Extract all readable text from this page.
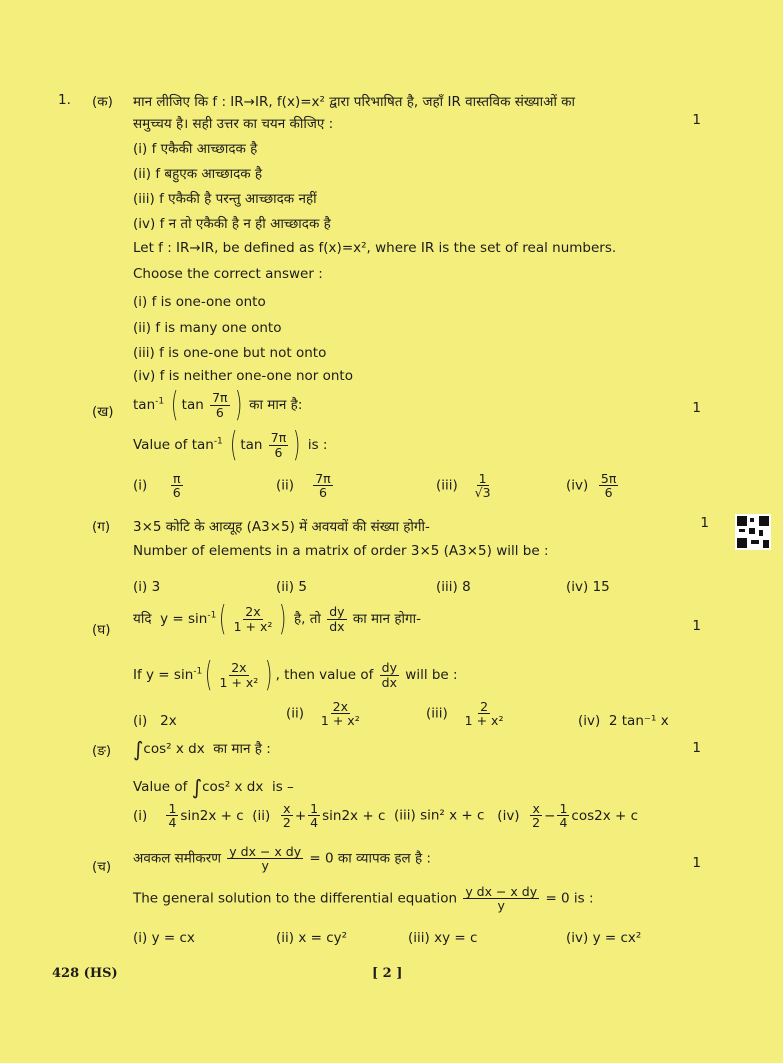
1. (क) मान लीजिए कि f : IR→IR, f(x)=x² द्वारा परिभाषित है, जहाँ IR वास्तविक संख्याओं का
समुच्चय है। सही उत्तर का चयन कीजिए :	1
(i) f एकैकी आच्छादक है
(ii) f बहुएक आच्छादक है
(iii) f एकैकी है परन्तु आच्छादक नहीं
(iv) f न तो एकैकी है न ही आच्छादक है
Let f : IR→IR, be defined as f(x)=x², where IR is the set of real numbers.
Choose the correct answer :
(i) f is one-one onto
(ii) f is many one onto
(iii) f is one-one but not onto
(iv) f is neither one-one nor onto
(ख) $\tan^{-1}$ ( $\tan \frac{7\pi}{6}$ ) का मान है:	1
Value of $\tan^{-1}$ ( $\tan \frac{7\pi}{6}$ ) is :
$(i) \frac{\pi}{6}$	$(ii) \frac{7\pi}{6}$	$(iii) \frac{1}{√3}$	$(iv) \frac{5\pi}{6}$
(ग) 3×5 कोटि के आव्यूह (A3×5) में अवयवों की संख्या होगी-	1
Number of elements in a matrix of order 3×5 (A3×5) will be :
(i) 3	(ii) 5	(iii) 8	(iv) 15
(घ)
यदि $y = \sin^{-1}( \frac{2x}{\text{1 + x²}}$ ) है, तो $\frac{dy}{dx}$ का मान होगा-	1
If $y = \sin^{-1}( \frac{2x}{\text{1 + x²}}$ ) , then value of $\frac{dy}{dx}$ will be :
(i) 2x	$(ii) \frac{2x}{\text{1 + x²}}$	$(iii) \frac{2}{\text{1 + x²}}$	(iv) 2 tan⁻¹ x
(ङ) ∫cos² x dx का मान है :	1
Value of ∫cos² x dx is –
$(i) \frac{1}{4} \sin 2x + c$ $(ii) \frac{x}{2} + \frac{1}{4} \sin 2x + c$ (iii) sin² x + c $(iv) \frac{x}{2} - \frac{1}{4} \cos 2x + c$
(च)
अवकल समीकरण $\frac{\text{y dx − x dy}}{y} = 0$ का व्यापक हल है :	1
The general solution to the differential equation $\frac{\text{y dx − x dy}}{y} = 0$ is :
(i) y = cx	(ii) x = cy²	(iii) xy = c	(iv) y = cx²
428 (HS)	[ 2 ]
